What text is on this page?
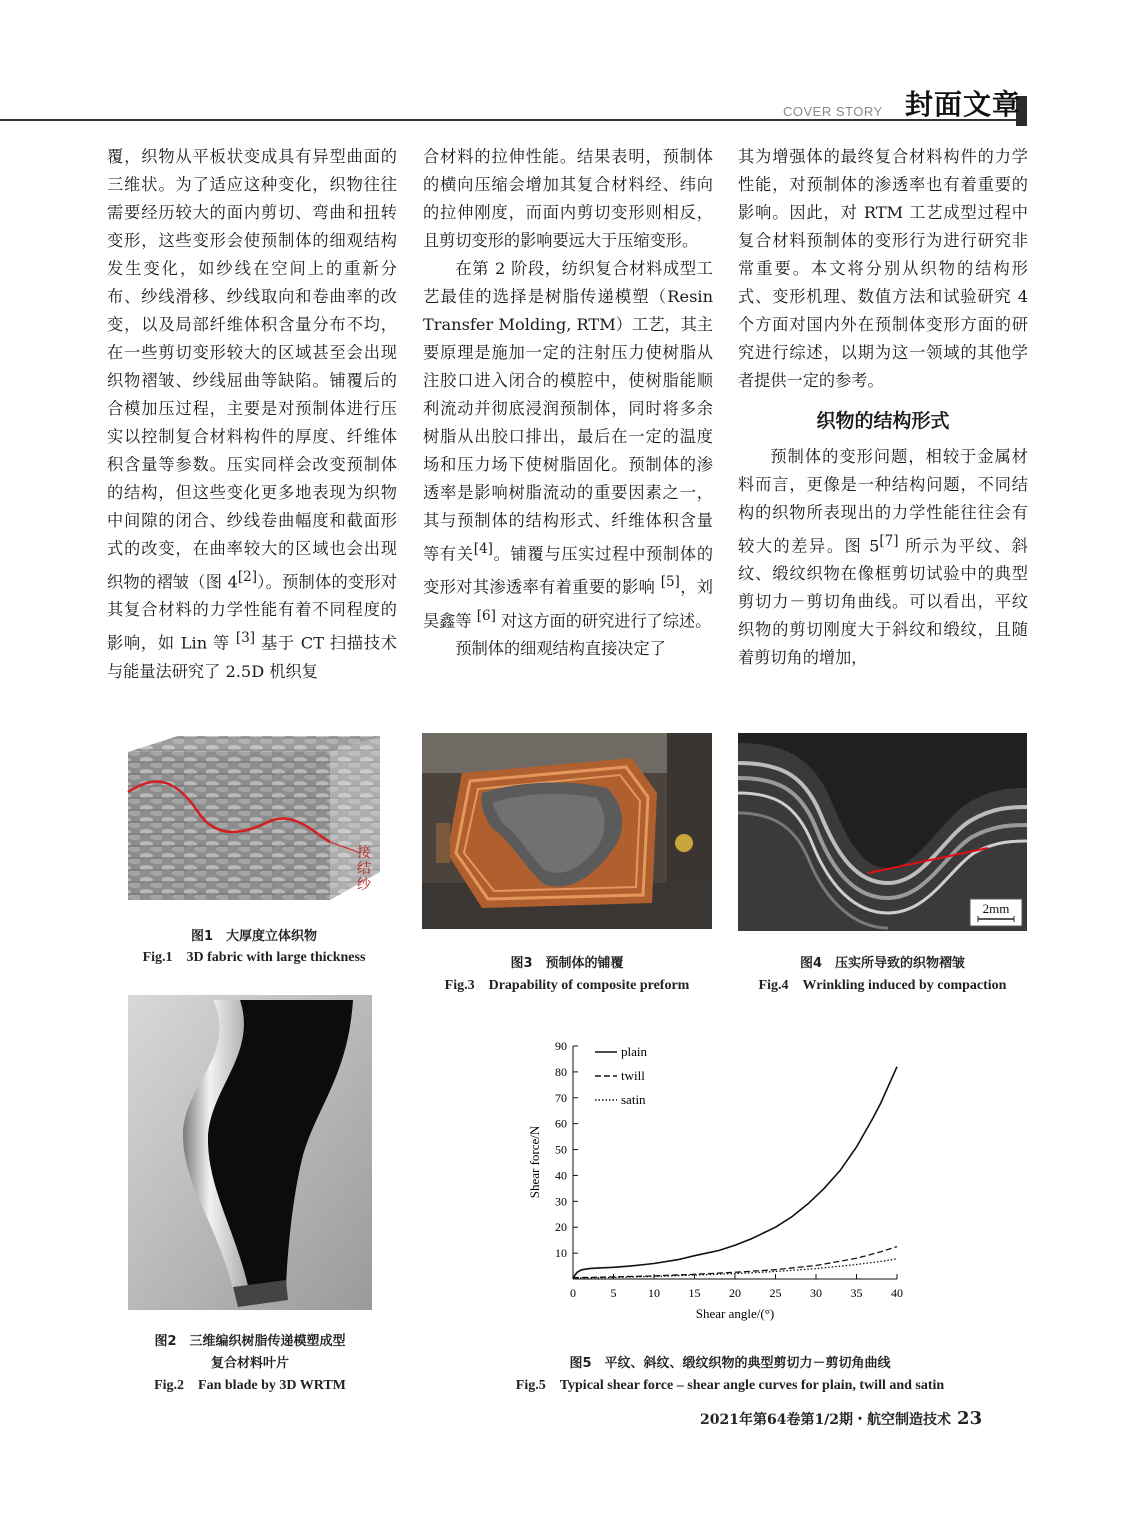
COVER STORY 封面文章

覆，织物从平板状变成具有异型曲面的三维状。为了适应这种变化，织物往往需要经历较大的面内剪切、弯曲和扭转变形，这些变形会使预制体的细观结构发生变化，如纱线在空间上的重新分布、纱线滑移、纱线取向和卷曲率的改变，以及局部纤维体积含量分布不均，在一些剪切变形较大的区域甚至会出现织物褶皱、纱线屈曲等缺陷。铺覆后的合模加压过程，主要是对预制体进行压实以控制复合材料构件的厚度、纤维体积含量等参数。压实同样会改变预制体的结构，但这些变化更多地表现为织物中间隙的闭合、纱线卷曲幅度和截面形式的改变，在曲率较大的区域也会出现织物的褶皱（图 4[2]）。预制体的变形对其复合材料的力学性能有着不同程度的影响，如 Lin 等 [3] 基于 CT 扫描技术与能量法研究了 2.5D 机织复

合材料的拉伸性能。结果表明，预制体的横向压缩会增加其复合材料经、纬向的拉伸刚度，而面内剪切变形则相反，且剪切变形的影响要远大于压缩变形。

在第 2 阶段，纺织复合材料成型工艺最佳的选择是树脂传递模塑（Resin Transfer Molding, RTM）工艺，其主要原理是施加一定的注射压力使树脂从注胶口进入闭合的模腔中，使树脂能顺利流动并彻底浸润预制体，同时将多余树脂从出胶口排出，最后在一定的温度场和压力场下使树脂固化。预制体的渗透率是影响树脂流动的重要因素之一，其与预制体的结构形式、纤维体积含量等有关[4]。铺覆与压实过程中预制体的变形对其渗透率有着重要的影响 [5]，刘昊鑫等 [6] 对这方面的研究进行了综述。

预制体的细观结构直接决定了

其为增强体的最终复合材料构件的力学性能，对预制体的渗透率也有着重要的影响。因此，对 RTM 工艺成型过程中复合材料预制体的变形行为进行研究非常重要。本文将分别从织物的结构形式、变形机理、数值方法和试验研究 4 个方面对国内外在预制体变形方面的研究进行综述，以期为这一领域的其他学者提供一定的参考。

织物的结构形式

预制体的变形问题，相较于金属材料而言，更像是一种结构问题，不同结构的织物所表现出的力学性能往往会有较大的差异。图 5[7] 所示为平纹、斜纹、缎纹织物在像框剪切试验中的典型剪切力－剪切角曲线。可以看出，平纹织物的剪切刚度大于斜纹和缎纹，且随着剪切角的增加，

接结纱
图1　大厚度立体织物
Fig.1　3D fabric with large thickness	图3　预制体的铺覆
Fig.3　Drapability of composite preform
2mm
图4　压实所导致的织物褶皱
Fig.4　Wrinkling induced by compaction
图2　三维编织树脂传递模塑成型
复合材料叶片
Fig.2　Fan blade by 3D WRTM
10
20
30
40
50
60
70
80
90
0	5	10 15 20 25 30 35 40
plain
twill
satin
Shear angle/(°)
Shear force/N
图5　平纹、斜纹、缎纹织物的典型剪切力－剪切角曲线
Fig.5　Typical shear force – shear angle curves for plain, twill and satin
2021年第64卷第1/2期・航空制造技术 23
